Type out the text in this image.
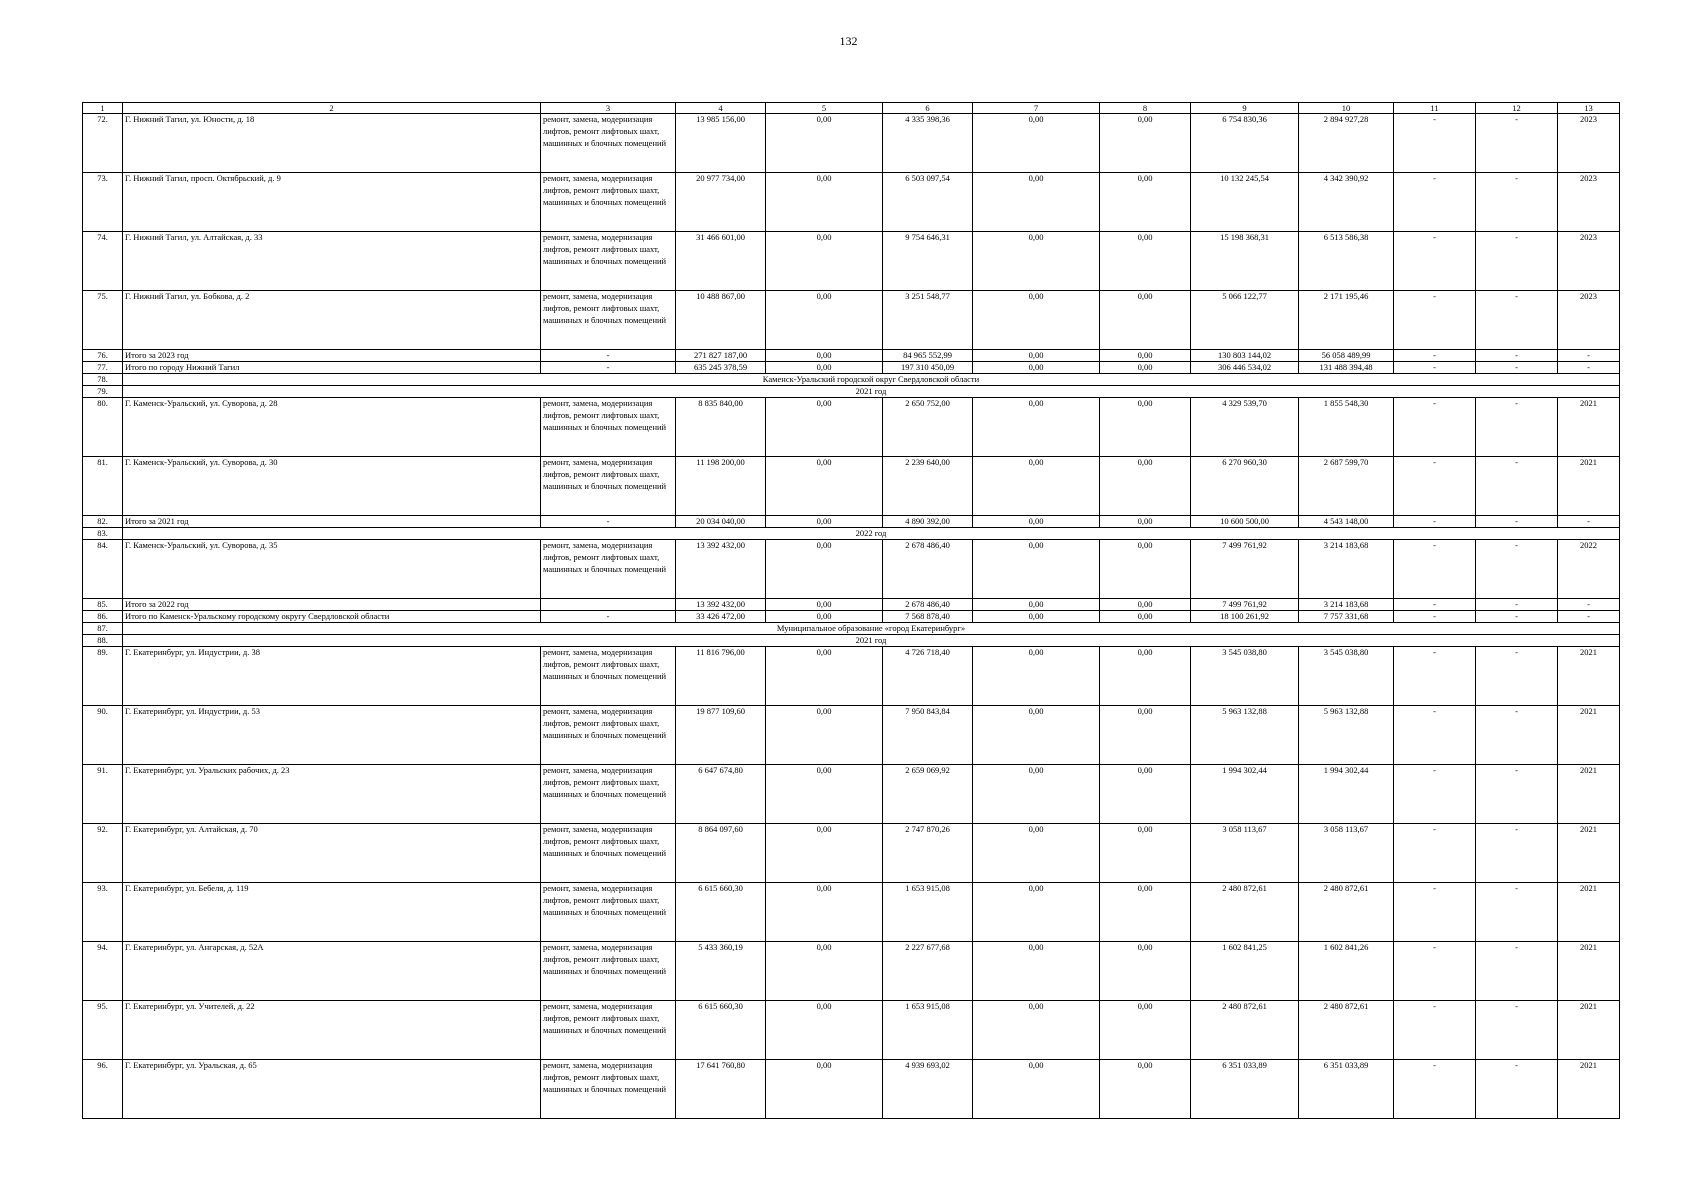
132
1	2	3	4	5	6	7	8	9	10	11	12	13
72.	Г. Нижний Тагил, ул. Юности, д. 18	ремонт, замена, модернизация лифтов, ремонт лифтовых шахт, машинных и блочных помещений	13 985 156,00	0,00	4 335 398,36	0,00	0,00	6 754 830,36	2 894 927,28	-	-	2023
73.	Г. Нижний Тагил, просп. Октябрьский, д. 9	ремонт, замена, модернизация лифтов, ремонт лифтовых шахт, машинных и блочных помещений	20 977 734,00	0,00	6 503 097,54	0,00	0,00	10 132 245,54	4 342 390,92	-	-	2023
74.	Г. Нижний Тагил, ул. Алтайская, д. 33	ремонт, замена, модернизация лифтов, ремонт лифтовых шахт, машинных и блочных помещений	31 466 601,00	0,00	9 754 646,31	0,00	0,00	15 198 368,31	6 513 586,38	-	-	2023
75.	Г. Нижний Тагил, ул. Бобкова, д. 2	ремонт, замена, модернизация лифтов, ремонт лифтовых шахт, машинных и блочных помещений	10 488 867,00	0,00	3 251 548,77	0,00	0,00	5 066 122,77	2 171 195,46	-	-	2023
76.	Итого за 2023 год	-	271 827 187,00	0,00	84 965 552,99	0,00	0,00	130 803 144,02	56 058 489,99	-	-	-
77.	Итого по городу Нижний Тагил	-	635 245 378,59	0,00	197 310 450,09	0,00	0,00	306 446 534,02	131 488 394,48	-	-	-
78.	Каменск-Уральский городской округ Свердловской области											
79.	2021 год											
80.	Г. Каменск-Уральский, ул. Суворова, д. 28	ремонт, замена, модернизация лифтов, ремонт лифтовых шахт, машинных и блочных помещений	8 835 840,00	0,00	2 650 752,00	0,00	0,00	4 329 539,70	1 855 548,30	-	-	2021
81.	Г. Каменск-Уральский, ул. Суворова, д. 30	ремонт, замена, модернизация лифтов, ремонт лифтовых шахт, машинных и блочных помещений	11 198 200,00	0,00	2 239 640,00	0,00	0,00	6 270 960,30	2 687 599,70	-	-	2021
82.	Итого за 2021 год	-	20 034 040,00	0,00	4 890 392,00	0,00	0,00	10 600 500,00	4 543 148,00	-	-	-
83.	2022 год											
84.	Г. Каменск-Уральский, ул. Суворова, д. 35	ремонт, замена, модернизация лифтов, ремонт лифтовых шахт, машинных и блочных помещений	13 392 432,00	0,00	2 678 486,40	0,00	0,00	7 499 761,92	3 214 183,68	-	-	2022
85.	Итого за 2022 год		13 392 432,00	0,00	2 678 486,40	0,00	0,00	7 499 761,92	3 214 183,68	-	-	-
86.	Итого по Каменск-Уральскому городскому округу Свердловской области	-	33 426 472,00	0,00	7 568 878,40	0,00	0,00	18 100 261,92	7 757 331,68	-	-	-
87.	Муниципальное образование «город Екатеринбург»											
88.	2021 год											
89.	Г. Екатеринбург, ул. Индустрии, д. 38	ремонт, замена, модернизация лифтов, ремонт лифтовых шахт, машинных и блочных помещений	11 816 796,00	0,00	4 726 718,40	0,00	0,00	3 545 038,80	3 545 038,80	-	-	2021
90.	Г. Екатеринбург, ул. Индустрии, д. 53	ремонт, замена, модернизация лифтов, ремонт лифтовых шахт, машинных и блочных помещений	19 877 109,60	0,00	7 950 843,84	0,00	0,00	5 963 132,88	5 963 132,88	-	-	2021
91.	Г. Екатеринбург, ул. Уральских рабочих, д. 23	ремонт, замена, модернизация лифтов, ремонт лифтовых шахт, машинных и блочных помещений	6 647 674,80	0,00	2 659 069,92	0,00	0,00	1 994 302,44	1 994 302,44	-	-	2021
92.	Г. Екатеринбург, ул. Алтайская, д. 70	ремонт, замена, модернизация лифтов, ремонт лифтовых шахт, машинных и блочных помещений	8 864 097,60	0,00	2 747 870,26	0,00	0,00	3 058 113,67	3 058 113,67	-	-	2021
93.	Г. Екатеринбург, ул. Бебеля, д. 119	ремонт, замена, модернизация лифтов, ремонт лифтовых шахт, машинных и блочных помещений	6 615 660,30	0,00	1 653 915,08	0,00	0,00	2 480 872,61	2 480 872,61	-	-	2021
94.	Г. Екатеринбург, ул. Ангарская, д. 52А	ремонт, замена, модернизация лифтов, ремонт лифтовых шахт, машинных и блочных помещений	5 433 360,19	0,00	2 227 677,68	0,00	0,00	1 602 841,25	1 602 841,26	-	-	2021
95.	Г. Екатеринбург, ул. Учителей, д. 22	ремонт, замена, модернизация лифтов, ремонт лифтовых шахт, машинных и блочных помещений	6 615 660,30	0,00	1 653 915,08	0,00	0,00	2 480 872,61	2 480 872,61	-	-	2021
96.	Г. Екатеринбург, ул. Уральская, д. 65	ремонт, замена, модернизация лифтов, ремонт лифтовых шахт, машинных и блочных помещений	17 641 760,80	0,00	4 939 693,02	0,00	0,00	6 351 033,89	6 351 033,89	-	-	2021
